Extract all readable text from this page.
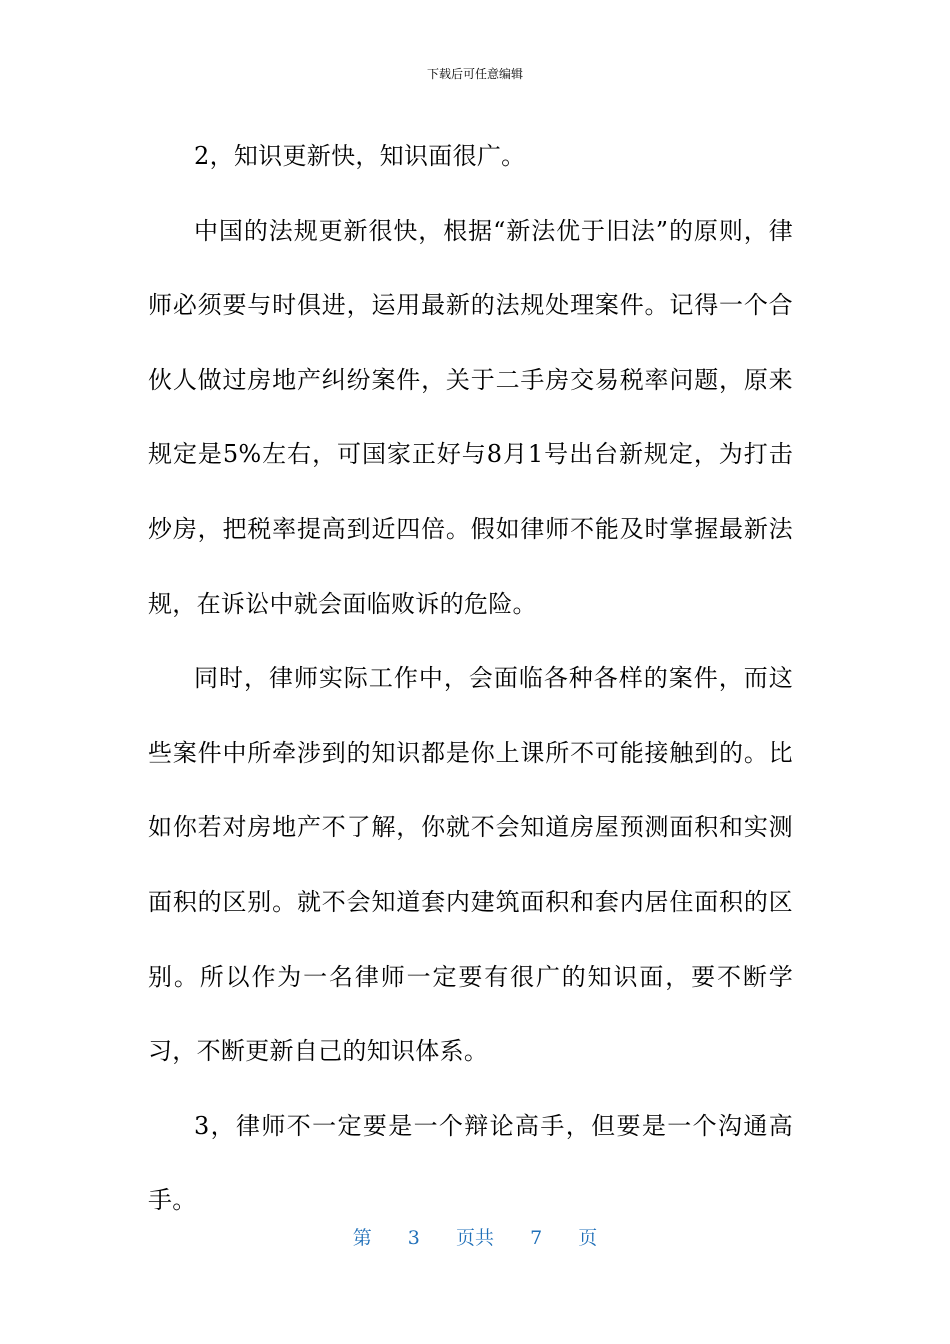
下载后可任意编辑

2，知识更新快，知识面很广。

中国的法规更新很快，根据“新法优于旧法”的原则，律师必须要与时俱进，运用最新的法规处理案件。记得一个合伙人做过房地产纠纷案件，关于二手房交易税率问题，原来规定是5%左右，可国家正好与8月1号出台新规定，为打击炒房，把税率提高到近四倍。假如律师不能及时掌握最新法规，在诉讼中就会面临败诉的危险。

同时，律师实际工作中，会面临各种各样的案件，而这些案件中所牵涉到的知识都是你上课所不可能接触到的。比如你若对房地产不了解，你就不会知道房屋预测面积和实测面积的区别。就不会知道套内建筑面积和套内居住面积的区别。所以作为一名律师一定要有很广的知识面，要不断学习，不断更新自己的知识体系。

3，律师不一定要是一个辩论高手，但要是一个沟通高手。

第 3 页共 7 页
